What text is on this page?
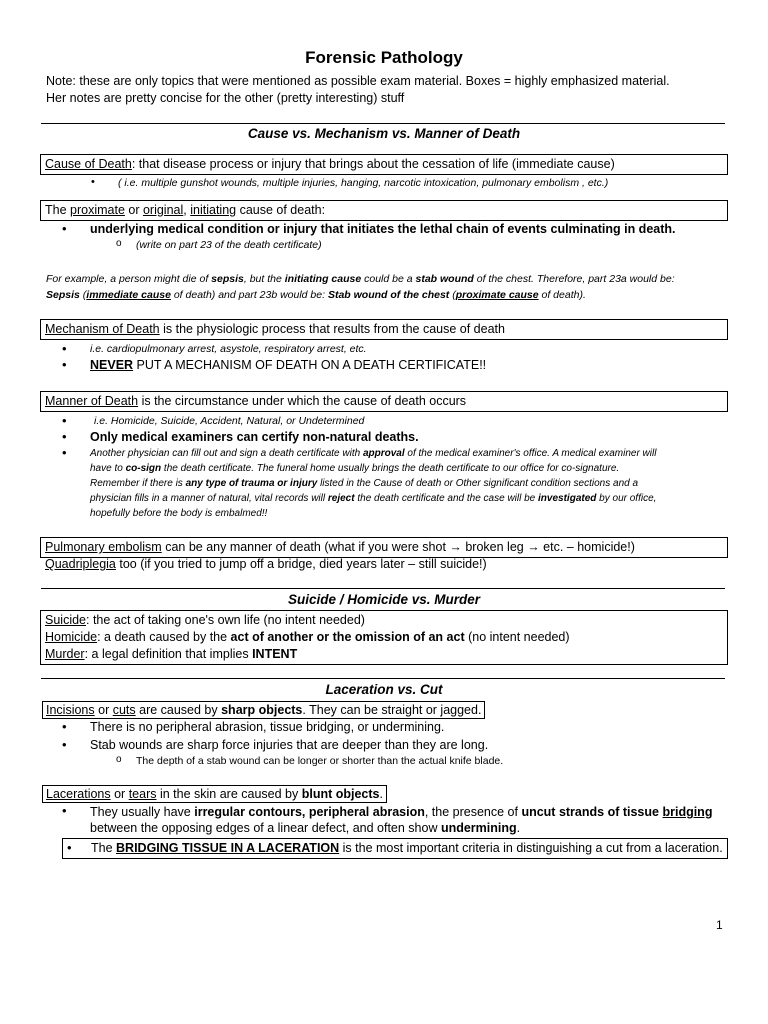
Forensic Pathology
Note: these are only topics that were mentioned as possible exam material. Boxes = highly emphasized material.
Her notes are pretty concise for the other (pretty interesting) stuff
Cause vs. Mechanism vs. Manner of Death
Cause of Death: that disease process or injury that brings about the cessation of life (immediate cause)
• ( i.e. multiple gunshot wounds, multiple injuries, hanging, narcotic intoxication, pulmonary embolism , etc.)
The proximate or original, initiating cause of death:
• underlying medical condition or injury that initiates the lethal chain of events culminating in death.
o (write on part 23 of the death certificate)
For example, a person might die of sepsis, but the initiating cause could be a stab wound of the chest. Therefore, part 23a would be:
Sepsis (immediate cause of death) and part 23b would be: Stab wound of the chest (proximate cause of death).
Mechanism of Death is the physiologic process that results from the cause of death
• i.e. cardiopulmonary arrest, asystole, respiratory arrest, etc.
• NEVER PUT A MECHANISM OF DEATH ON A DEATH CERTIFICATE!!
Manner of Death is the circumstance under which the cause of death occurs
•	i.e. Homicide, Suicide, Accident, Natural, or Undetermined
• Only medical examiners can certify non-natural deaths.
• Another physician can fill out and sign a death certificate with approval of the medical examiner's office. A medical examiner will
have to co-sign the death certificate. The funeral home usually brings the death certificate to our office for co-signature.
Remember if there is any type of trauma or injury listed in the Cause of death or Other significant condition sections and a
physician fills in a manner of natural, vital records will reject the death certificate and the case will be investigated by our office,
hopefully before the body is embalmed!!
Pulmonary embolism can be any manner of death (what if you were shot → broken leg → etc. – homicide!)
Quadriplegia too (if you tried to jump off a bridge, died years later – still suicide!)
Suicide / Homicide vs. Murder
Suicide: the act of taking one's own life (no intent needed)
Homicide: a death caused by the act of another or the omission of an act (no intent needed)
Murder: a legal definition that implies INTENT
Laceration vs. Cut
Incisions or cuts are caused by sharp objects. They can be straight or jagged.
• There is no peripheral abrasion, tissue bridging, or undermining.
• Stab wounds are sharp force injuries that are deeper than they are long.
o The depth of a stab wound can be longer or shorter than the actual knife blade.
Lacerations or tears in the skin are caused by blunt objects.
• They usually have irregular contours, peripheral abrasion, the presence of uncut strands of tissue bridging
between the opposing edges of a linear defect, and often show undermining.
• The BRIDGING TISSUE IN A LACERATION is the most important criteria in distinguishing a cut from a laceration.
1
